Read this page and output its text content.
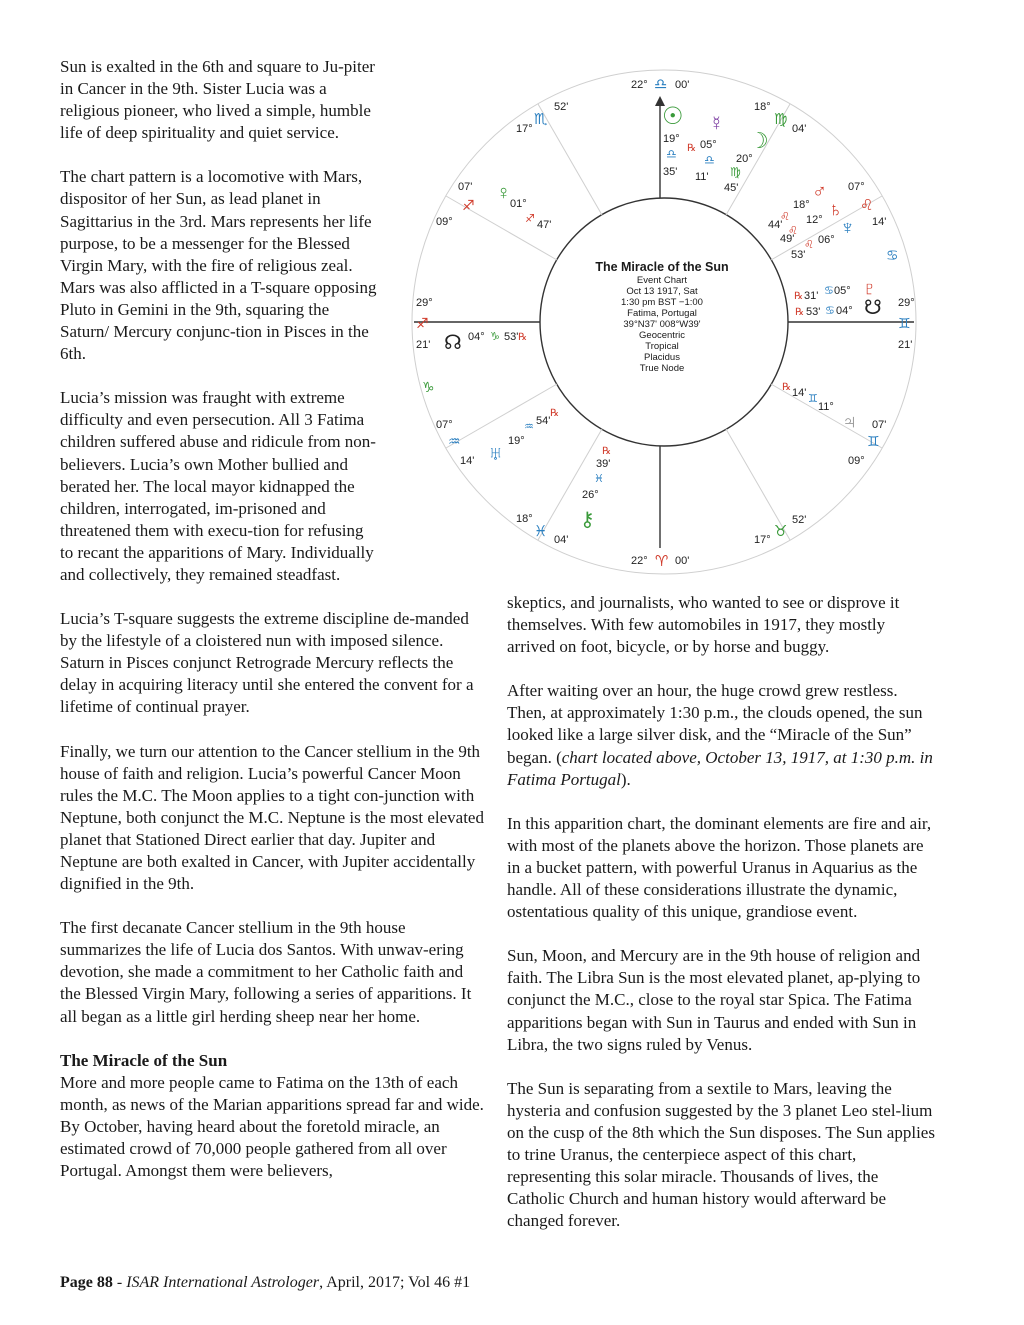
Sun is exalted in the 6th and square to Ju-piter in Cancer in the 9th. Sister Lucia was a religious pioneer, who lived a simple, humble life of deep spirituality and quiet service.

The chart pattern is a locomotive with Mars, dispositor of her Sun, as lead planet in Sagittarius in the 3rd. Mars represents her life purpose, to be a messenger for the Blessed Virgin Mary, with the fire of religious zeal. Mars was also afflicted in a T-square opposing Pluto in Gemini in the 9th, squaring the Saturn/ Mercury conjunc-tion in Pisces in the 6th.

Lucia’s mission was fraught with extreme difficulty and even persecution. All 3 Fatima children suffered abuse and ridicule from non-believers. Lucia’s own Mother bullied and berated her. The local mayor kidnapped the children, interrogated, im-prisoned and threatened them with execu-tion for refusing to recant the apparitions of Mary. Individually and collectively, they remained steadfast.

Lucia’s T-square suggests the extreme discipline de-manded by the lifestyle of a cloistered nun with imposed silence. Saturn in Pisces conjunct Retrograde Mercury reflects the delay in acquiring literacy until she entered the convent for a lifetime of continual prayer.

Finally, we turn our attention to the Cancer stellium in the 9th house of faith and religion. Lucia’s powerful Cancer Moon rules the M.C. The Moon applies to a tight con-junction with Neptune, both conjunct the M.C. Neptune is the most elevated planet that Stationed Direct earlier that day. Jupiter and Neptune are both exalted in Cancer, with Jupiter accidentally dignified in the 9th.

The first decanate Cancer stellium in the 9th house summarizes the life of Lucia dos Santos. With unwav-ering devotion, she made a commitment to her Catholic faith and the Blessed Virgin Mary, following a series of apparitions. It all began as a little girl herding sheep near her home.

The Miracle of the Sun
More and more people came to Fatima on the 13th of each month, as news of the Marian apparitions spread far and wide. By October, having heard about the foretold miracle, an estimated crowd of 70,000 people gathered from all over Portugal. Amongst them were believers,

skeptics, and journalists, who wanted to see or disprove it themselves. With few automobiles in 1917, they mostly arrived on foot, bicycle, or by horse and buggy.

After waiting over an hour, the huge crowd grew restless. Then, at approximately 1:30 p.m., the clouds opened, the sun looked like a large silver disk, and the “Miracle of the Sun” began. (chart located above, October 13, 1917, at 1:30 p.m. in Fatima Portugal).

In this apparition chart, the dominant elements are fire and air, with most of the planets above the horizon. Those planets are in a bucket pattern, with powerful Uranus in Aquarius as the handle. All of these considerations illustrate the dynamic, ostentatious quality of this unique, grandiose event.

Sun, Moon, and Mercury are in the 9th house of religion and faith. The Libra Sun is the most elevated planet, ap-plying to conjunct the M.C., close to the royal star Spica. The Fatima apparitions began with Sun in Taurus and ended with Sun in Libra, the two signs ruled by Venus.

The Sun is separating from a sextile to Mars, leaving the hysteria and confusion suggested by the 3 planet Leo stel-lium on the cusp of the 8th which the Sun disposes. The Sun applies to trine Uranus, the centerpiece aspect of this chart, representing this solar miracle. Thousands of lives, the Catholic Church and human history would afterward be changed forever.

The Miracle of the Sun
Event Chart
Oct 13 1917, Sat
1:30 pm BST −1:00
Fatima, Portugal
39°N37' 008°W39'
Geocentric
Tropical
Placidus
True Node
22° ♎ 00'
22° ♈ 00'
29°
♐
21'
29°
♊
21'
17°
♏
52'
07'
♐
09°
18°
♍
04'
07°
♌
14'
♋
♑
07°
♒
14'
18°
♓ 04'	17° ♉
52'
07'
♊
09°
☉
19°
♎
35'
☿
05°
♎
11'
℞ ☽
20°
♍
45'
♀ 01°
♐ 47'
♂
18°
♌
44'
♄
12°
♌
49' ♆
06°
♌
53'
♇
05°
♋
31'
℞
☋
04°
♋
53'
℞
☊ 04° ♑ 53' ℞
♃
11°
♊
14'
℞
♅
19°
♒ 54'
℞
⚷
26°
♓
39'
℞
Page 88 - ISAR International Astrologer, April, 2017; Vol 46 #1
